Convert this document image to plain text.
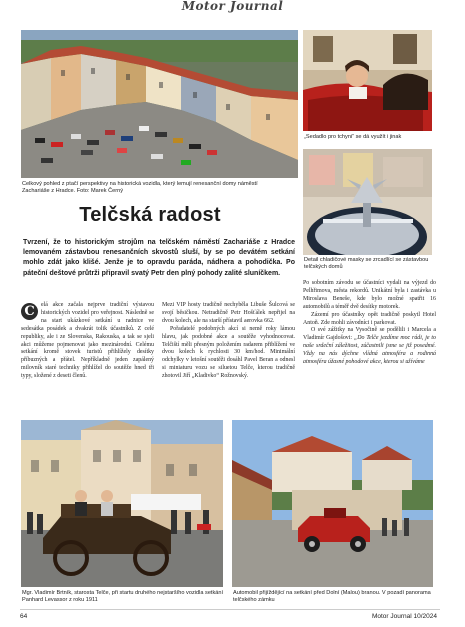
Motor Journal
Celkový pohled z ptačí perspektivy na historická vozidla, který lemují renesanční domy náměstí Zachariáše z Hradce. Foto: Marek Černý
„Sedadlo pro tchyni“ se dá využít i jinak
Detail chladičové masky se zrcadlící se zástavbou telčských domů
Telčská radost
Tvrzení, že to historickým strojům na telčském náměstí Zachariáše z Hradce lemovaném zástavbou renesančních skvostů sluší, by se po devátém setkání mohlo zdát jako klišé. Jenže je to opravdu paráda, nádhera a pohodička. Po páteční deštové průtrži připravil svatý Petr den plný pohody zalité sluníčkem.

C	elá akce začala nejprve tradiční výstavou historických vozidel pro veřejnost. Následně se na start ukázkové setkání u radnice ve sedesátka posádek a dvakrát tolik účastníků. Z celé republiky, ale i ze Slovenska, Rakouska, a tak se sjeli akci můžeme pojmenovat jako mezinárodní. Celému setkání kromě stovek turistů přihlížely desítky příbuzných a přátel. Nepříkladně jeden zapálený milovník staré techniky přihlížel do soutěže hned tři typy, složené z deseti členů.

Mezi VIP hosty tradičně nechyběla Libuše Šulcová se svojí běsičkou. Netradičně Petr Hošťálek nepřijel na dvou kolech, ale na starší přístavil aerovka 662.

Pořadatelé podobných akcí si nemě roky lámou hlavu, jak podobné akce a soutěže vyhodnocovat. Telčiští měli přesným položením radarem přiblížení ve dvou kolech k rychlosti 30 km/hod. Minimální odchylky v letošní soutěži dosáhl Pavel Beran a odnesl si miniaturu vozu se siluetou Telče, kterou tradičně zhotovil Jiří „Kladivko“ Rožnovský.

Po sobotním závodu se účastníci vydali na výjezd do Pelhřimova, města rekordů. Unikátní byla i zastávka u Miroslava Beneše, kde bylo možné spatřit 16 automobilů a téměř dvě desítky motorek.

Zázemí pro účastníky opět tradičně poskytl Hotel Antoň. Zde mohli závodníci i parkovat.

O své zážitky na Vysočině se podělili i Marcela a Vladimír Gajdošovi: „Do Telče jezdíme moc rádi, je to naše srdeční záležitost, zúčastnili jsme se již posedmé. Vždy na nás dýchne vlídná atmosféra a rodinná atmosféra úžasné pohodové akce, kterou si užíváme

Mgr. Vladimír Brtník, starosta Telče, při startu druhého nejstaršího vozidla setkání Panhard Levassor z roku 1911
Automobil přijíždějící na setkání před Dolní (Malou) branou. V pozadí panorama telčského zámku
64	Motor Journal 10/2024
